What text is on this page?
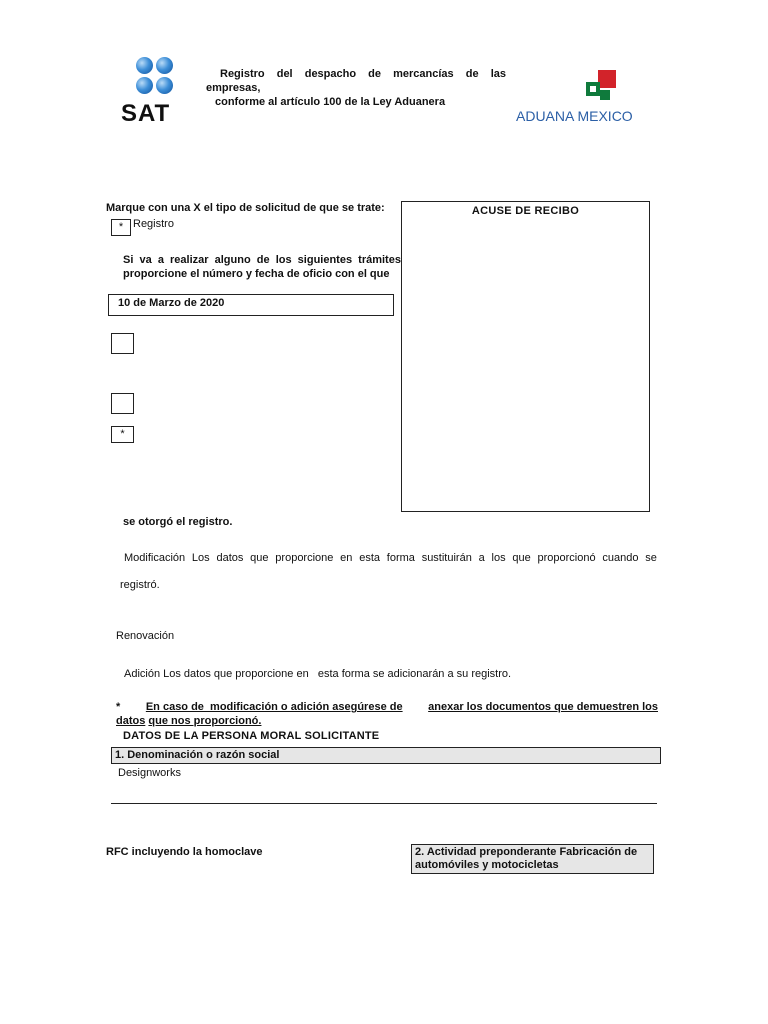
SAT
Registro del despacho de mercancías de las
empresas,
conforme al artículo 100 de la Ley Aduanera
ADUANA MEXICO
Marque con una X el tipo de solicitud de que se trate:
* Registro
Si va a realizar alguno de los siguientes trámites
proporcione el número y fecha de oficio con el que
10 de Marzo de 2020
*
ACUSE DE RECIBO
se otorgó el registro.
Modificación Los datos que proporcione en esta forma sustituirán a los que proporcionó cuando se
registró.
Renovación
Adición Los datos que proporcione en   esta forma se adicionarán a su registro.
* En caso de  modificación o adición asegúrese de anexar los documentos que demuestren los
datos que nos proporcionó.
DATOS DE LA PERSONA MORAL SOLICITANTE
1. Denominación o razón social
Designworks
RFC incluyendo la homoclave	2. Actividad preponderante Fabricación de automóviles y motocicletas
